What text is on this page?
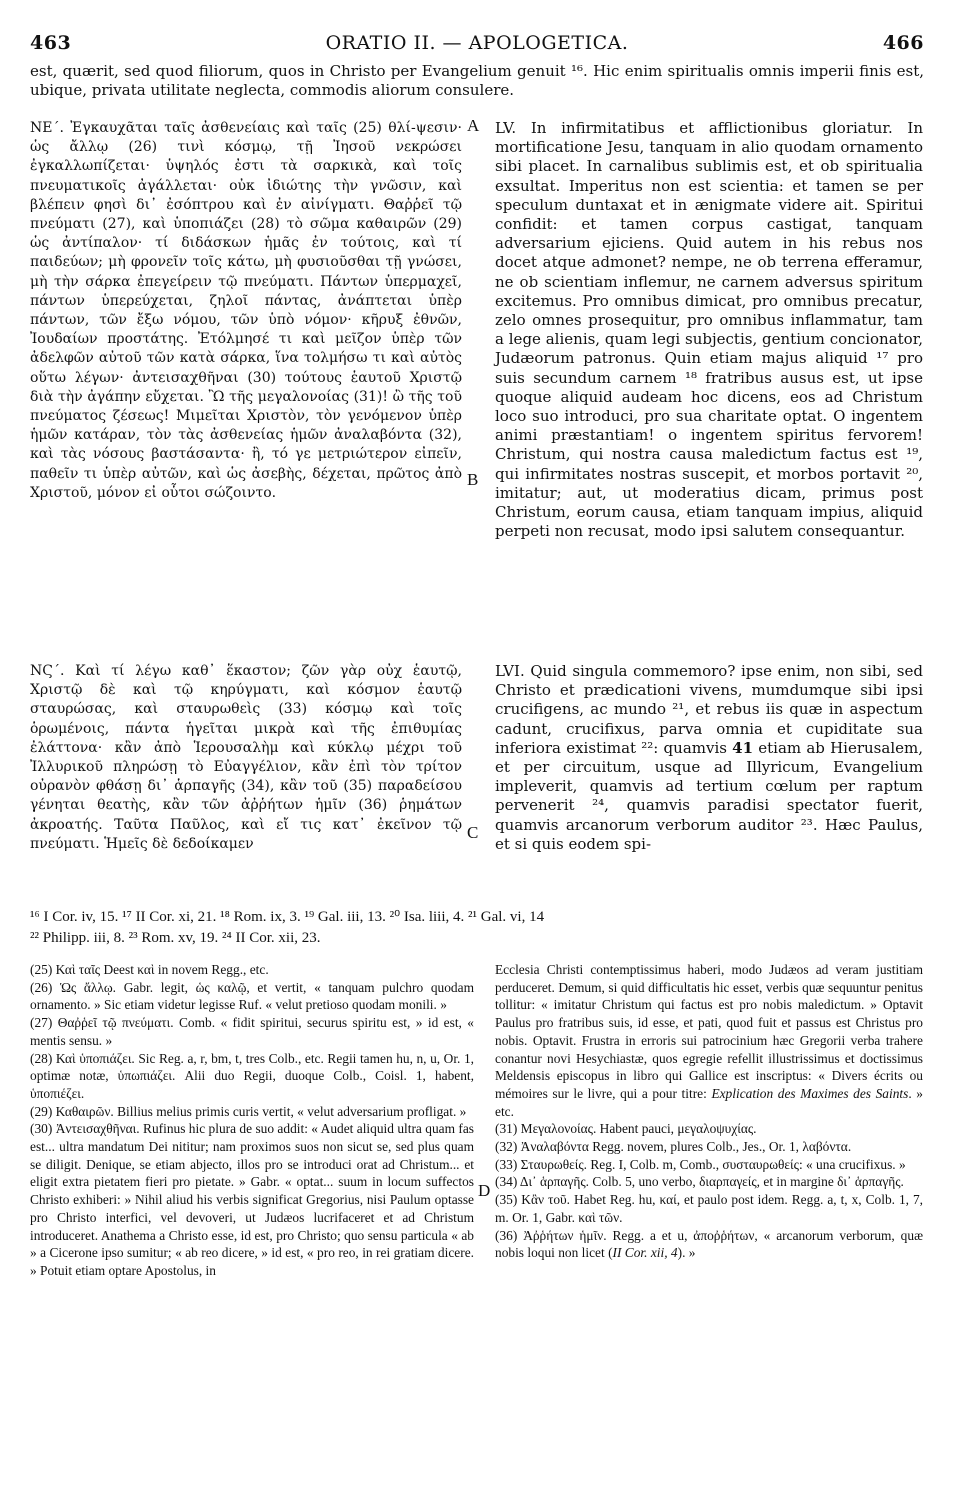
463	ORATIO II. — APOLOGETICA.	466

est, quærit, sed quod filiorum, quos in Christo per Evangelium genuit ¹⁶. Hic enim spiritualis omnis imperii finis est, ubique, privata utilitate neglecta, commodis aliorum consulere.

ΝΕ΄. Ἐγκαυχᾶται ταῖς ἀσθενείαις καὶ ταῖς (25) θλί-ψεσιν· ὡς ἄλλῳ (26) τινὶ κόσμῳ, τῇ Ἰησοῦ νεκρώσει ἐγκαλλωπίζεται· ὑψηλός ἐστι τὰ σαρκικὰ, καὶ τοῖς πνευματικοῖς ἀγάλλεται· οὐκ ἰδιώτης τὴν γνῶσιν, καὶ βλέπειν φησὶ δι᾽ ἐσόπτρου καὶ ἐν αἰνίγματι. Θαῤῥεῖ τῷ πνεύματι (27), καὶ ὑποπιάζει (28) τὸ σῶμα καθαιρῶν (29) ὡς ἀντίπαλον· τί διδάσκων ἡμᾶς ἐν τούτοις, καὶ τί παιδεύων; μὴ φρονεῖν τοῖς κάτω, μὴ φυσιοῦσθαι τῇ γνώσει, μὴ τὴν σάρκα ἐπεγείρειν τῷ πνεύματι. Πάντων ὑπερμαχεῖ, πάντων ὑπερεύχεται, ζηλοῖ πάντας, ἀνάπτεται ὑπὲρ πάντων, τῶν ἔξω νόμου, τῶν ὑπὸ νόμον· κῆρυξ ἐθνῶν, Ἰουδαίων προστάτης. Ἐτόλμησέ τι καὶ μεῖζον ὑπὲρ τῶν ἀδελφῶν αὐτοῦ τῶν κατὰ σάρκα, ἵνα τολμήσω τι καὶ αὐτὸς οὕτω λέγων· ἀντεισαχθῆναι (30) τούτους ἑαυτοῦ Χριστῷ διὰ τὴν ἀγάπην εὔχεται. Ὢ τῆς μεγαλονοίας (31)! ὢ τῆς τοῦ πνεύματος ζέσεως! Μιμεῖται Χριστὸν, τὸν γενόμενον ὑπὲρ ἡμῶν κατάραν, τὸν τὰς ἀσθενείας ἡμῶν ἀναλαβόντα (32), καὶ τὰς νόσους βαστάσαντα· ἢ, τό γε μετριώτερον εἰπεῖν, παθεῖν τι ὑπὲρ αὐτῶν, καὶ ὡς ἀσεβὴς, δέχεται, πρῶτος ἀπὸ Χριστοῦ, μόνον εἰ οὗτοι σώζοιντο.

LV. In infirmitatibus et afflictionibus gloriatur. In mortificatione Jesu, tanquam in alio quodam ornamento sibi placet. In carnalibus sublimis est, et ob spiritualia exsultat. Imperitus non est scientia: et tamen se per speculum duntaxat et in ænigmate videre ait. Spiritui confidit: et tamen corpus castigat, tanquam adversarium ejiciens. Quid autem in his rebus nos docet atque admonet? nempe, ne ob terrena efferamur, ne ob scientiam inflemur, ne carnem adversus spiritum excitemus. Pro omnibus dimicat, pro omnibus precatur, zelo omnes prosequitur, pro omnibus inflammatur, tam a lege alienis, quam legi subjectis, gentium concionator, Judæorum patronus. Quin etiam majus aliquid ¹⁷ pro suis secundum carnem ¹⁸ fratribus ausus est, ut ipse quoque aliquid audeam hoc dicens, eos ad Christum loco suo introduci, pro sua charitate optat. O ingentem animi præstantiam! o ingentem spiritus fervorem! Christum, qui nostra causa maledictum factus est ¹⁹, qui infirmitates nostras suscepit, et morbos portavit ²⁰, imitatur; aut, ut moderatius dicam, primus post Christum, eorum causa, etiam tanquam impius, aliquid perpeti non recusat, modo ipsi salutem consequantur.

A
B
C
D

ΝϚ΄. Καὶ τί λέγω καθ᾽ ἕκαστον; ζῶν γὰρ οὐχ ἑαυτῷ, Χριστῷ δὲ καὶ τῷ κηρύγματι, καὶ κόσμον ἑαυτῷ σταυρώσας, καὶ σταυρωθεὶς (33) κόσμῳ καὶ τοῖς ὁρωμένοις, πάντα ἡγεῖται μικρὰ καὶ τῆς ἐπιθυμίας ἐλάττονα· κἂν ἀπὸ Ἱερουσαλὴμ καὶ κύκλῳ μέχρι τοῦ Ἰλλυρικοῦ πληρώσῃ τὸ Εὐαγγέλιον, κἂν ἐπὶ τὸν τρίτον οὐρανὸν φθάσῃ δι᾽ ἁρπαγῆς (34), κἂν τοῦ (35) παραδείσου γένηται θεατὴς, κἂν τῶν ἀῤῥήτων ἡμῖν (36) ῥημάτων ἀκροατής. Ταῦτα Παῦλος, καὶ εἴ τις κατ᾽ ἐκεῖνον τῷ πνεύματι. Ἡμεῖς δὲ δεδοίκαμεν

LVI. Quid singula commemoro? ipse enim, non sibi, sed Christo et prædicationi vivens, mumdumque sibi ipsi crucifigens, ac mundo ²¹, et rebus iis quæ in aspectum cadunt, crucifixus, parva omnia et cupiditate sua inferiora existimat ²²: quamvis 41 etiam ab Hierusalem, et per circuitum, usque ad Illyricum, Evangelium impleverit, quamvis ad tertium cœlum per raptum pervenerit ²⁴, quamvis paradisi spectator fuerit, quamvis arcanorum verborum auditor ²³. Hæc Paulus, et si quis eodem spi-

¹⁶ I Cor. iv, 15. ¹⁷ II Cor. xi, 21. ¹⁸ Rom. ix, 3. ¹⁹ Gal. iii, 13. ²⁰ Isa. liii, 4. ²¹ Gal. vi, 14
²² Philipp. iii, 8. ²³ Rom. xv, 19. ²⁴ II Cor. xii, 23.

(25) Καὶ ταῖς Deest καὶ in novem Regg., etc.

(26) Ὡς ἄλλῳ. Gabr. legit, ὡς καλῷ, et vertit, « tanquam pulchro quodam ornamento. » Sic etiam videtur legisse Ruf. « velut pretioso quodam monili. »

(27) Θαῤῥεῖ τῷ πνεύματι. Comb. « fidit spiritui, securus spiritu est, » id est, « mentis sensu. »

(28) Καὶ ὑποπιάζει. Sic Reg. a, r, bm, t, tres Colb., etc. Regii tamen hu, n, u, Or. 1, optimæ notæ, ὑπωπιάζει. Alii duo Regii, duoque Colb., Coisl. 1, habent, ὑποπιέζει.

(29) Καθαιρῶν. Billius melius primis curis vertit, « velut adversarium profligat. »

(30) Ἀντεισαχθῆναι. Rufinus hic plura de suo addit: « Audet aliquid ultra quam fas est... ultra mandatum Dei nititur; nam proximos suos non sicut se, sed plus quam se diligit. Denique, se etiam abjecto, illos pro se introduci orat ad Christum... et eligit extra pietatem fieri pro pietate. » Gabr. « optat... suum in locum suffectos Christo exhiberi: » Nihil aliud his verbis significat Gregorius, nisi Paulum optasse pro Christo interfici, vel devoveri, ut Judæos lucrifaceret et ad Christum introduceret. Anathema a Christo esse, id est, pro Christo; quo sensu particula « ab » a Cicerone ipso sumitur; « ab reo dicere, » id est, « pro reo, in rei gratiam dicere. » Potuit etiam optare Apostolus, in

Ecclesia Christi contemptissimus haberi, modo Judæos ad veram justitiam perduceret. Demum, si quid difficultatis hic esset, verbis quæ sequuntur penitus tollitur: « imitatur Christum qui factus est pro nobis maledictum. » Optavit Paulus pro fratribus suis, id esse, et pati, quod fuit et passus est Christus pro nobis. Optavit. Frustra in erroris sui patrocinium hæc Gregorii verba trahere conantur novi Hesychiastæ, quos egregie refellit illustrissimus et doctissimus Meldensis episcopus in libro qui Gallice est inscriptus: « Divers écrits ou mémoires sur le livre, qui a pour titre: Explication des Maximes des Saints. » etc.

(31) Μεγαλονοίας. Habent pauci, μεγαλοψυχίας.

(32) Ἀναλαβόντα Regg. novem, plures Colb., Jes., Or. 1, λαβόντα.

(33) Σταυρωθείς. Reg. I, Colb. m, Comb., συσταυρωθείς: « una crucifixus. »

(34) Δι᾽ ἁρπαγῆς. Colb. 5, uno verbo, διαρπαγείς, et in margine δι᾽ ἁρπαγῆς.

(35) Κἂν τοῦ. Habet Reg. hu, καί, et paulo post idem. Regg. a, t, x, Colb. 1, 7, m. Or. 1, Gabr. καὶ τῶν.

(36) Ἀῤῥήτων ἡμῖν. Regg. a et u, ἀποῤῥήτων, « arcanorum verborum, quæ nobis loqui non licet (II Cor. xii, 4). »
